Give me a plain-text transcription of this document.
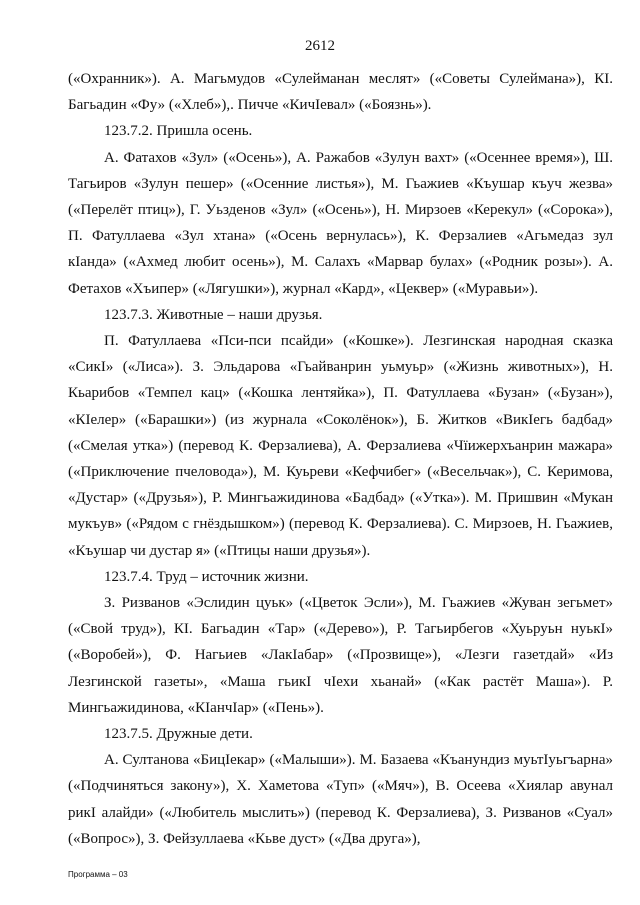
2612

(«Охранник»). А. Магьмудов «Сулейманан меслят» («Советы Сулеймана»), КI. Багьадин «Фу» («Хлеб»),. Пичче «КичIевал» («Боязнь»).

123.7.2. Пришла осень.

А. Фатахов «Зул» («Осень»), А. Ражабов «Зулун вахт» («Осеннее время»), Ш. Тагьиров «Зулун пешер» («Осенние листья»), М. Гьажиев «Къушар къуч жезва» («Перелёт птиц»), Г. Уьзденов «Зул» («Осень»), Н. Мирзоев «Керекул» («Сорока»), П. Фатуллаева «Зул хтана» («Осень вернулась»), К. Ферзалиев «Агьмедаз зул кIанда» («Ахмед любит осень»), М. Салахъ «Марвар булах» («Родник розы»). А. Фетахов «Хъипер» («Лягушки»), журнал «Кард», «Цеквер» («Муравьи»).

123.7.3. Животные – наши друзья.

П. Фатуллаева «Пси-пси псайди» («Кошке»). Лезгинская народная сказка «СикI» («Лиса»). З. Эльдарова «Гьайванрин уьмуьр» («Жизнь животных»), Н. Кьарибов «Темпел кац» («Кошка лентяйка»), П. Фатуллаева «Бузан» («Бузан»), «КIелер» («Барашки») (из журнала «Соколёнок»), Б. Житков «ВикIегь бадбад» («Смелая утка») (перевод К. Ферзалиева), А. Ферзалиева «Чïижерхъанрин мажара» («Приключение пчеловода»), М. Куьреви «Кефчибег» («Весельчак»), С. Керимова, «Дустар» («Друзья»), Р. Мингьажидинова «Бадбад» («Утка»). М. Пришвин «Мукан мукъув» («Рядом с гнёздышком») (перевод К. Ферзалиева). С. Мирзоев, Н. Гьажиев, «Къушар чи дустар я» («Птицы наши друзья»).

123.7.4. Труд – источник жизни.

З. Ризванов «Эслидин цуьк» («Цветок Эсли»), М. Гьажиев «Жуван зегьмет» («Свой труд»), КI. Багьадин «Тар» («Дерево»), Р. Тагьирбегов «Хуьруьн нуькI» («Воробей»), Ф. Нагьиев «ЛакIабар» («Прозвище»), «Лезги газетдай» «Из Лезгинской газеты», «Маша гьикI чIехи хьанай» («Как растёт Маша»). Р. Мингьажидинова, «КIанчIар» («Пень»).

123.7.5. Дружные дети.

А. Султанова «БицIекар» («Малыши»). М. Базаева «Къанундиз муьтIуьгъарна» («Подчиняться закону»), Х. Хаметова «Туп» («Мяч»), В. Осеева «Хиялар авунал рикI алайди» («Любитель мыслить») (перевод К. Ферзалиева), З. Ризванов «Суал» («Вопрос»), З. Фейзуллаева «Кьве дуст» («Два друга»),

Программа – 03
